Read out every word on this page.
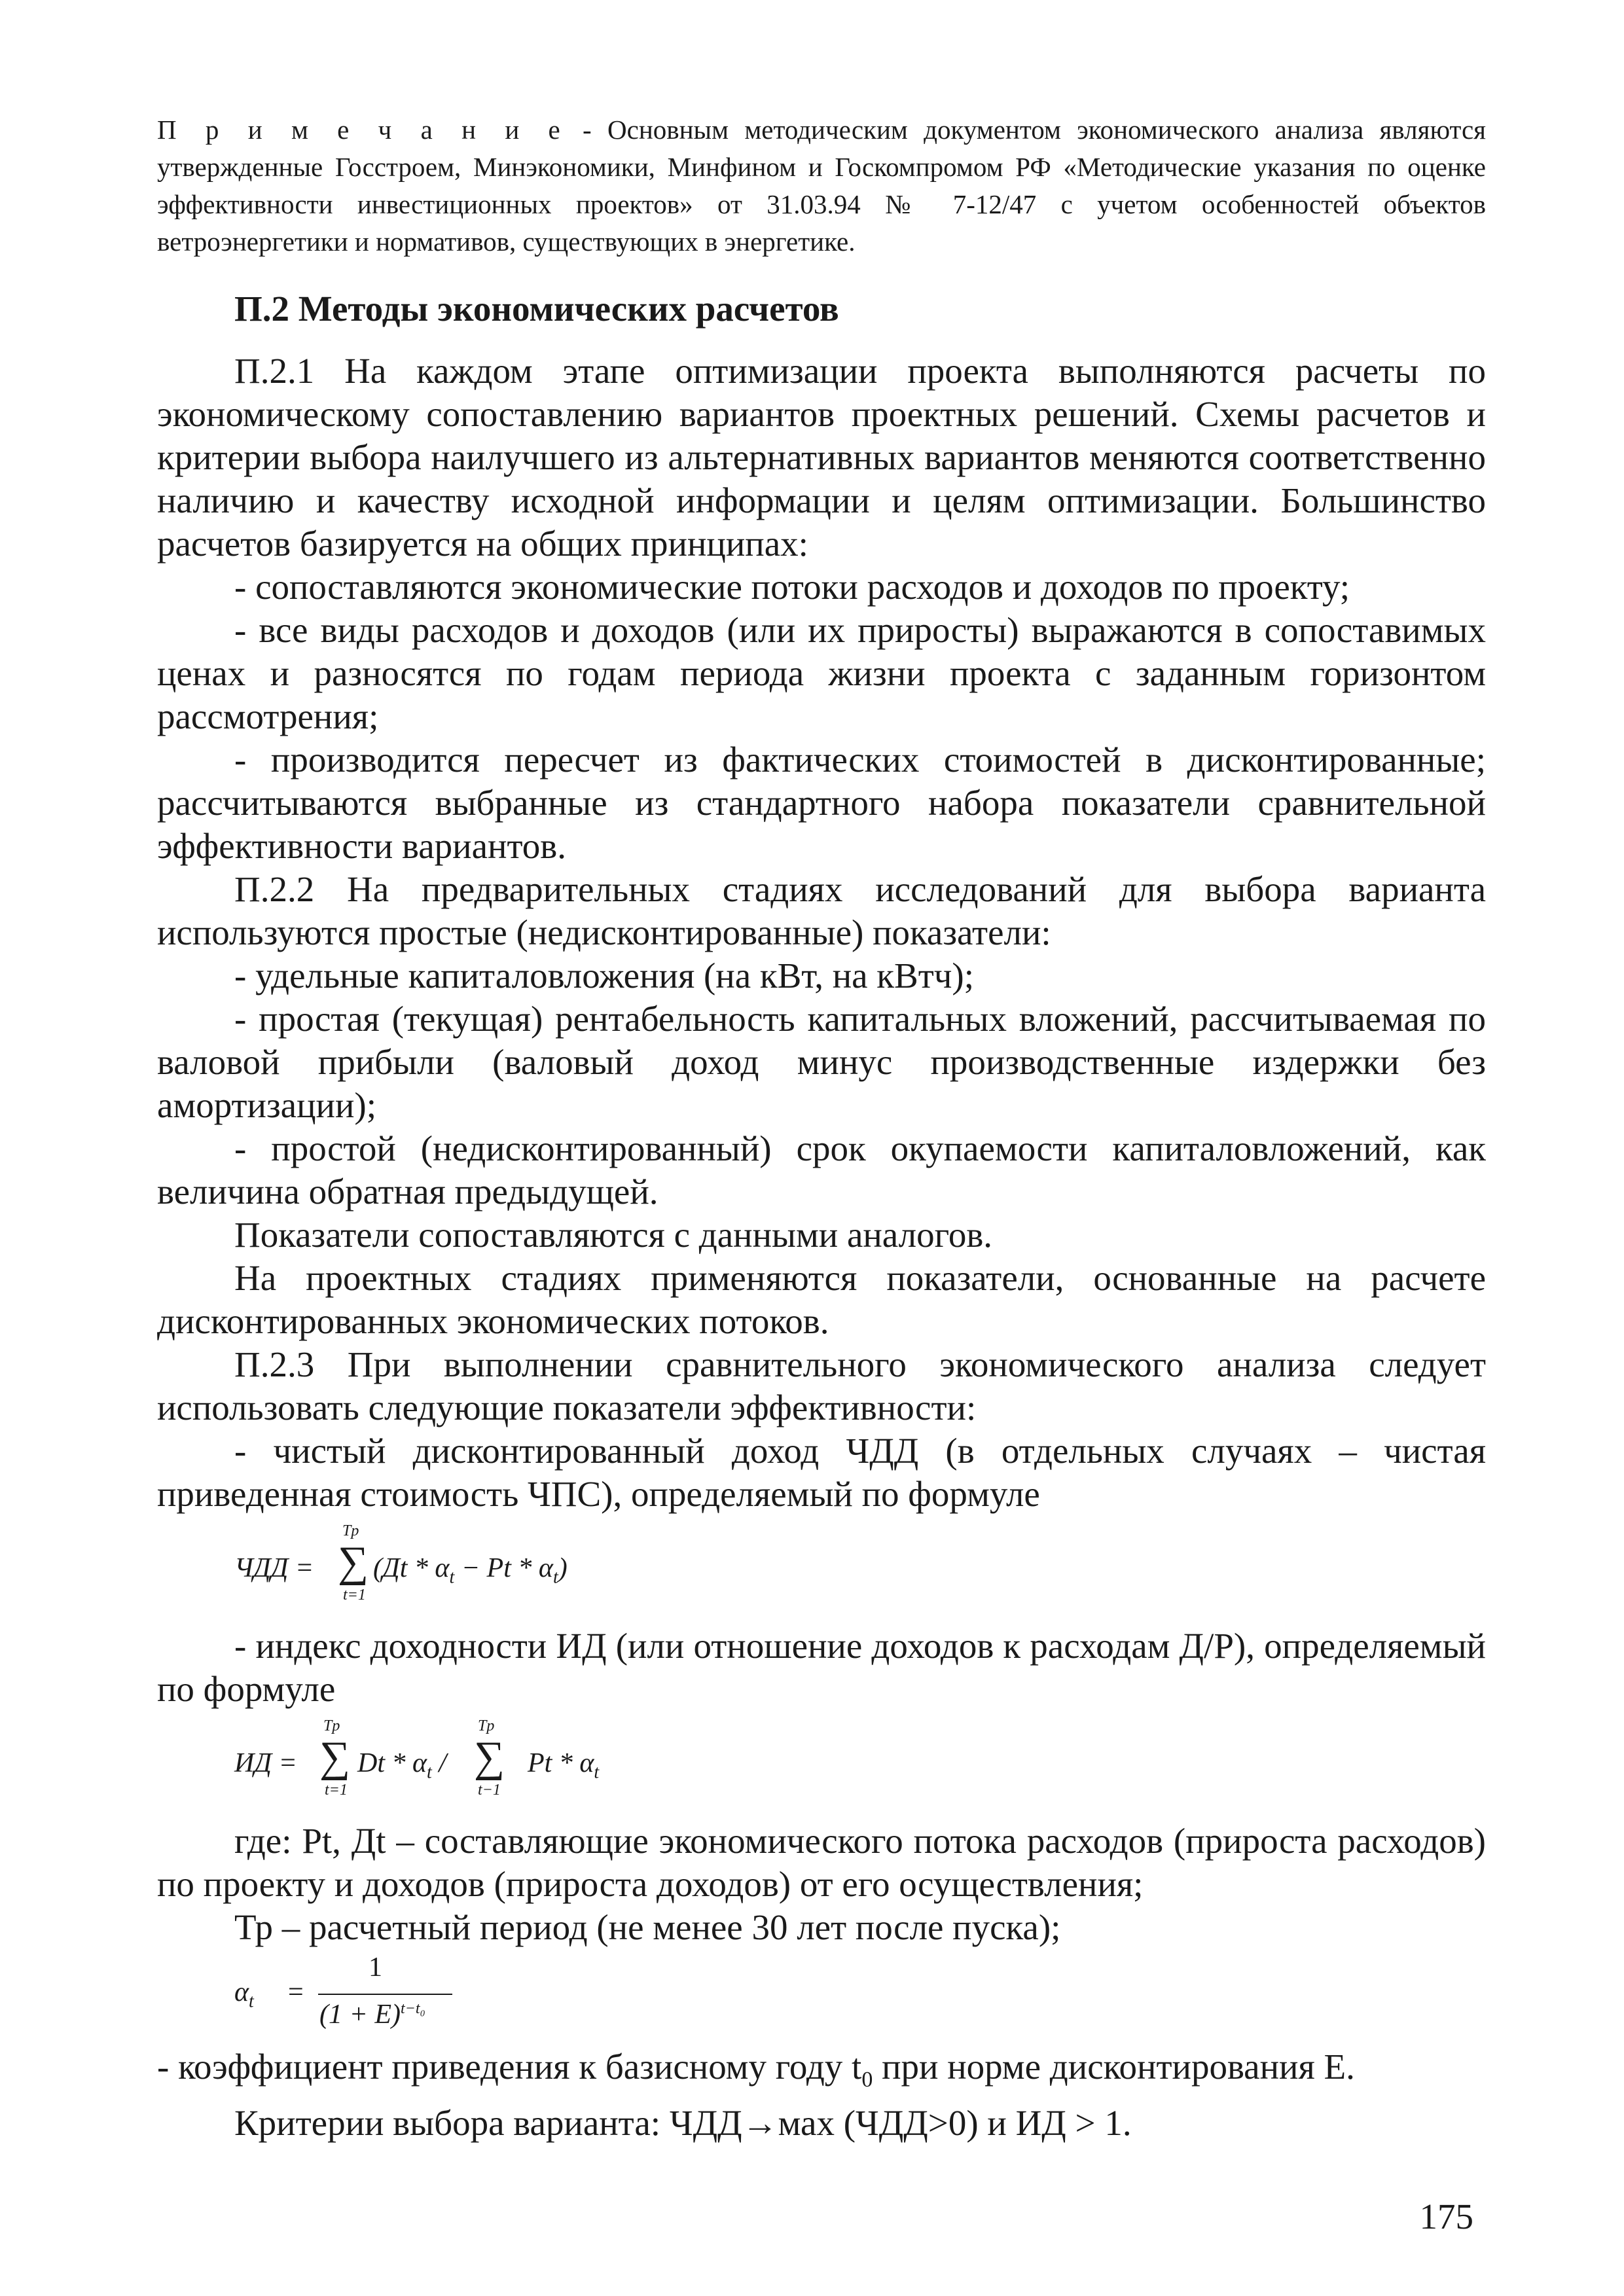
П р и м е ч а н и е - Основным методическим документом экономического анализа являются утвержденные Госстроем, Минэкономики, Минфином и Госкомпромом РФ «Методические указания по оценке эффективности инвестиционных проектов» от 31.03.94 № 7-12/47 с учетом особенностей объектов ветроэнергетики и нормативов, существующих в энергетике.
П.2 Методы экономических расчетов

П.2.1 На каждом этапе оптимизации проекта выполняются расчеты по экономическому сопоставлению вариантов проектных решений. Схемы расчетов и критерии выбора наилучшего из альтернативных вариантов меняются соответственно наличию и качеству исходной информации и целям оптимизации. Большинство расчетов базируется на общих принципах:

- сопоставляются экономические потоки расходов и доходов по проекту;

- все виды расходов и доходов (или их приросты) выражаются в сопоставимых ценах и разносятся по годам периода жизни проекта с заданным горизонтом рассмотрения;

- производится пересчет из фактических стоимостей в дисконтированные; рассчитываются выбранные из стандартного набора показатели сравнительной эффективности вариантов.

П.2.2 На предварительных стадиях исследований для выбора варианта используются простые (недисконтированные) показатели:

- удельные капиталовложения (на кВт, на кВтч);

- простая (текущая) рентабельность капитальных вложений, рассчитываемая по валовой прибыли (валовый доход минус производственные издержки без амортизации);

- простой (недисконтированный) срок окупаемости капиталовложений, как величина обратная предыдущей.

Показатели сопоставляются с данными аналогов.

На проектных стадиях применяются показатели, основанные на расчете дисконтированных экономических потоков.

П.2.3 При выполнении сравнительного экономического анализа следует использовать следующие показатели эффективности:

- чистый дисконтированный доход ЧДД (в отдельных случаях – чистая приведенная стоимость ЧПС), определяемый по формуле

ЧДД =
Tp
∑
t=1
$(Дt * \alpha_t - Pt * \alpha_t)$

- индекс доходности ИД (или отношение доходов к расходам Д/Р), определяемый по формуле

ИД =
Tp
∑
t=1
Dt * $\alpha_t$ /
Tp
∑
t−1
Pt * $\alpha_t$

где: Pt, Дt – составляющие экономического потока расходов (прироста расходов) по проекту и доходов (прироста доходов) от его осуществления;

Тр – расчетный период (не менее 30 лет после пуска);

$\alpha_t$ =
1
$(1 + E)^{t-t_0}$

- коэффициент приведения к базисному году $t_0$ при норме дисконтирования E.

Критерии выбора варианта: ЧДД→мах (ЧДД>0) и ИД > 1.

175
